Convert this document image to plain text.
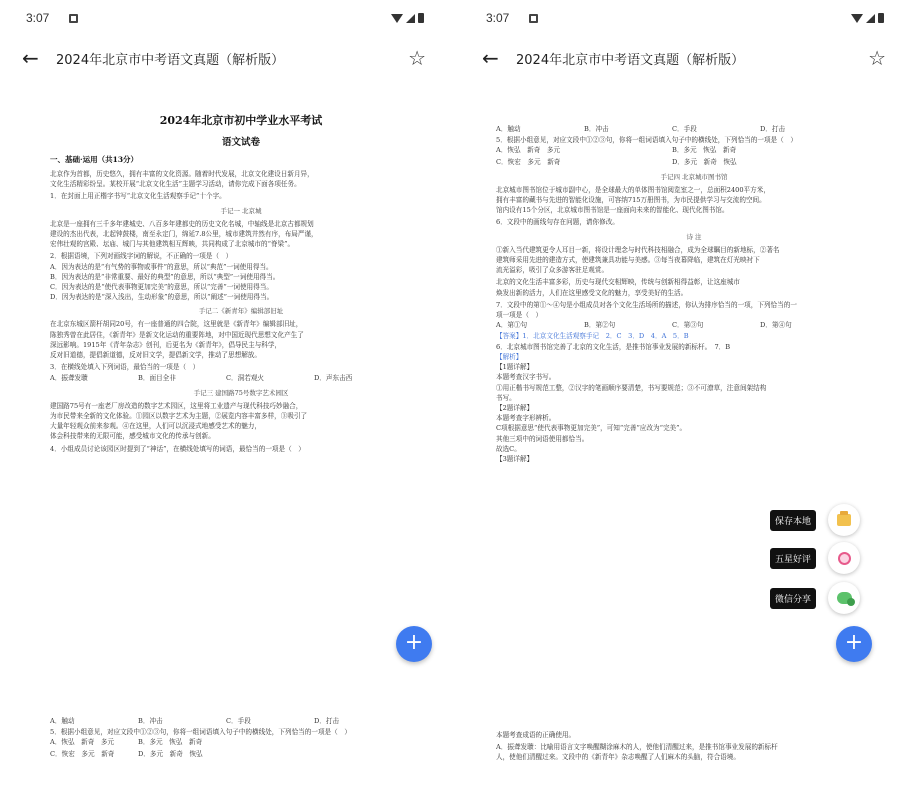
3:07
←	2024年北京市中考语文真题（解析版）	☆
2024年北京市初中学业水平考试
语文试卷
一、基础·运用（共13分）
北京作为首都，历史悠久，拥有丰富的文化资源。随着时代发展，北京文化建设日新月异，
文化生活精彩纷呈。某校开展“北京文化生活”主题学习活动，请你完成下面各项任务。
1．在封面上用正楷字书写“北京文化生活观察手记”十个字。
手记一 北京城
北京是一座拥有三千多年建城史、八百多年建都史的历史文化名城，中轴线是北京古都规划
建设的杰出代表，北起钟鼓楼，南至永定门，绵延7.8公里，城市建筑井然有序，布局严谨，
宏伟壮观的宫殿、坛庙、城门与其他建筑相互辉映，共同构成了北京城市的“脊梁”。
2．根据语境，下列对画线字词的解说，不正确的一项是（　）
A．因为表达的是“有气势的事物或事件”的意思，所以“典范”一词使用得当。
B．因为表达的是“非常重要、最好的典型”的意思，所以“典型”一词使用得当。
C．因为表达的是“使代表事物更加完美”的意思，所以“完善”一词使用得当。
D．因为表达的是“深入浅出，生动形象”的意思，所以“阐述”一词使用得当。
手记二《新青年》编辑部旧址
在北京东城区箭杆胡同20号，有一座普通的四合院，这里就是《新青年》编辑部旧址，
陈独秀曾在此居住，《新青年》是新文化运动的重要阵地，对中国近现代思想文化产生了
深远影响。1915年《青年杂志》创刊，后更名为《新青年》，倡导民主与科学，
反对旧道德，提倡新道德，反对旧文学，提倡新文学，推动了思想解放。
3．在横线处填入下列词语，最恰当的一项是（　）
A．振聋发聩	B．面目全非	C．洞若观火	D．声东击西
手记三 建国路75号数字艺术园区
建国路75号有一座老厂房改造的数字艺术园区，这里将工业遗产与现代科技巧妙融合，
为市民带来全新的文化体验。①园区以数字艺术为主题，②展览内容丰富多样，③吸引了
大量年轻观众前来参观。④在这里，人们可以沉浸式地感受艺术的魅力，
体会科技带来的无限可能，感受城市文化的传承与创新。
4．小组成员讨论该园区时提到了“神话”，在横线处填写的词语，最恰当的一项是（　）
A．触动	B．冲击	C．手段	D．打击
5．根据小组意见，对应文段中①②③句，你将一组词语填入句子中的横线处，下列恰当的一项是（　）
A．恢弘　新奇　多元	B．多元　恢弘　新奇
C．恢宏　多元　新奇	D．多元　新奇　恢弘
+
3:07
←	2024年北京市中考语文真题（解析版）	☆
A．触动	B．冲击	C．手段	D．打击
5．根据小组意见，对应文段中①②③句，你将一组词语填入句子中的横线处，下列恰当的一项是（　）
A．恢弘　新奇　多元	B．多元　恢弘　新奇
C．恢宏　多元　新奇	D．多元　新奇　恢弘
手记四 北京城市图书馆
北京城市图书馆位于城市副中心，是全球最大的单体图书馆阅览室之一，总面积2400平方米，
拥有丰富的藏书与先进的智能化设施，可容纳715万册图书，为市民提供学习与交流的空间。
馆内设有15个分区，北京城市图书馆是一座面向未来的智能化、现代化图书馆。
6．文段中的画线句存在问题，请你修改。
诗 注
①新入当代建筑更令人耳目一新，将设计理念与时代科技相融合，成为全球瞩目的新地标，②著名
建筑师采用先进的建造方式，使建筑兼具功能与美感。③每当夜幕降临，建筑在灯光映衬下
流光溢彩，吸引了众多游客驻足观赏。
北京的文化生活丰富多彩，历史与现代交相辉映，传统与创新相得益彰，让这座城市
焕发出新的活力，人们在这里感受文化的魅力，享受美好的生活。
7．文段中的第①～④句是小组成员对各个文化生活场所的描述，你认为排序恰当的一项，下列恰当的一
项一项是（　）
A．第①句	B．第②句	C．第③句	D．第④句
【答案】1．北京文化生活观察手记　2．C　3．D　4．A　5．B
6．北京城市图书馆完善了北京的文化生活，是推书馆事业发展的新标杆。　7．B
【解析】
【1题详解】
本题考查汉字书写。
①用正楷书写规范工整，②汉字的笔画顺序要清楚，书写要规范；③不可潦草，注意间架结构
书写。
【2题详解】
本题考查字形辨析。
C项根据意思“使代表事物更加完美”，可知“完善”应改为“完美”。
其他三项中的词语使用都恰当。
故选C。
【3题详解】
本题考查成语的正确使用。
A．振聋发聩：比喻用语言文字唤醒糊涂麻木的人，使他们清醒过来，是推书馆事业发展的新标杆
人，使他们清醒过来。文段中的《新青年》杂志唤醒了人们麻木的头脑，符合语境。
保存本地
五星好评
微信分享
+
